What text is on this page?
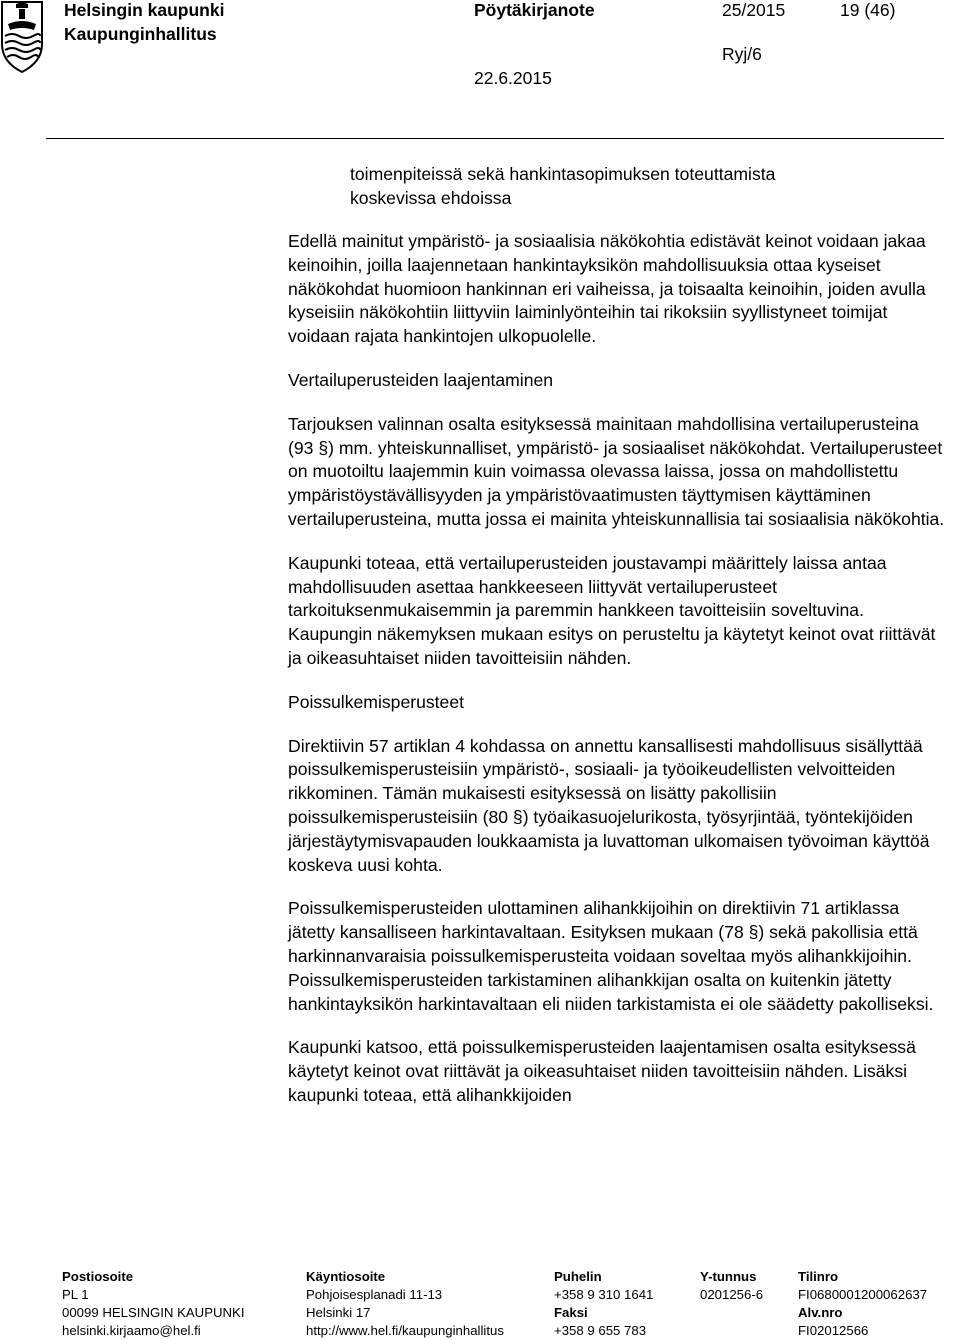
Helsingin kaupunki
Kaupunginhallitus
Pöytäkirjanote	25/2015	19 (46)
Ryj/6
22.6.2015
toimenpiteissä sekä hankintasopimuksen toteuttamista
koskevissa ehdoissa

Edellä mainitut ympäristö- ja sosiaalisia näkökohtia edistävät keinot voidaan jakaa keinoihin, joilla laajennetaan hankintayksikön mahdollisuuksia ottaa kyseiset näkökohdat huomioon hankinnan eri vaiheissa, ja toisaalta keinoihin, joiden avulla kyseisiin näkökohtiin liittyviin laiminlyönteihin tai rikoksiin syyllistyneet toimijat voidaan rajata hankintojen ulkopuolelle.

Vertailuperusteiden laajentaminen

Tarjouksen valinnan osalta esityksessä mainitaan mahdollisina vertailuperusteina (93 §) mm. yhteiskunnalliset, ympäristö- ja sosiaaliset näkökohdat. Vertailuperusteet on muotoiltu laajemmin kuin voimassa olevassa laissa, jossa on mahdollistettu ympäristöystävällisyyden ja ympäristövaatimusten täyttymisen käyttäminen vertailuperusteina, mutta jossa ei mainita yhteiskunnallisia tai sosiaalisia näkökohtia.

Kaupunki toteaa, että vertailuperusteiden joustavampi määrittely laissa antaa mahdollisuuden asettaa hankkeeseen liittyvät vertailuperusteet tarkoituksenmukaisemmin ja paremmin hankkeen tavoitteisiin soveltuvina. Kaupungin näkemyksen mukaan esitys on perusteltu ja käytetyt keinot ovat riittävät ja oikeasuhtaiset niiden tavoitteisiin nähden.

Poissulkemisperusteet

Direktiivin 57 artiklan 4 kohdassa on annettu kansallisesti mahdollisuus sisällyttää poissulkemisperusteisiin ympäristö-, sosiaali- ja työoikeudellisten velvoitteiden rikkominen. Tämän mukaisesti esityksessä on lisätty pakollisiin poissulkemisperusteisiin (80 §) työaikasuojelurikosta, työsyrjintää, työntekijöiden järjestäytymisvapauden loukkaamista ja luvattoman ulkomaisen työvoiman käyttöä koskeva uusi kohta.

Poissulkemisperusteiden ulottaminen alihankkijoihin on direktiivin 71 artiklassa jätetty kansalliseen harkintavaltaan. Esityksen mukaan (78 §) sekä pakollisia että harkinnanvaraisia poissulkemisperusteita voidaan soveltaa myös alihankkijoihin. Poissulkemisperusteiden tarkistaminen alihankkijan osalta on kuitenkin jätetty hankintayksikön harkintavaltaan eli niiden tarkistamista ei ole säädetty pakolliseksi.

Kaupunki katsoo, että poissulkemisperusteiden laajentamisen osalta esityksessä käytetyt keinot ovat riittävät ja oikeasuhtaiset niiden tavoitteisiin nähden. Lisäksi kaupunki toteaa, että alihankkijoiden

Postiosoite
PL 1
00099 HELSINGIN KAUPUNKI
helsinki.kirjaamo@hel.fi
Käyntiosoite
Pohjoisesplanadi 11-13
Helsinki 17
http://www.hel.fi/kaupunginhallitus
Puhelin
+358 9 310 1641
Faksi
+358 9 655 783
Y-tunnus
0201256-6
Tilinro
FI0680001200062637
Alv.nro
FI02012566
